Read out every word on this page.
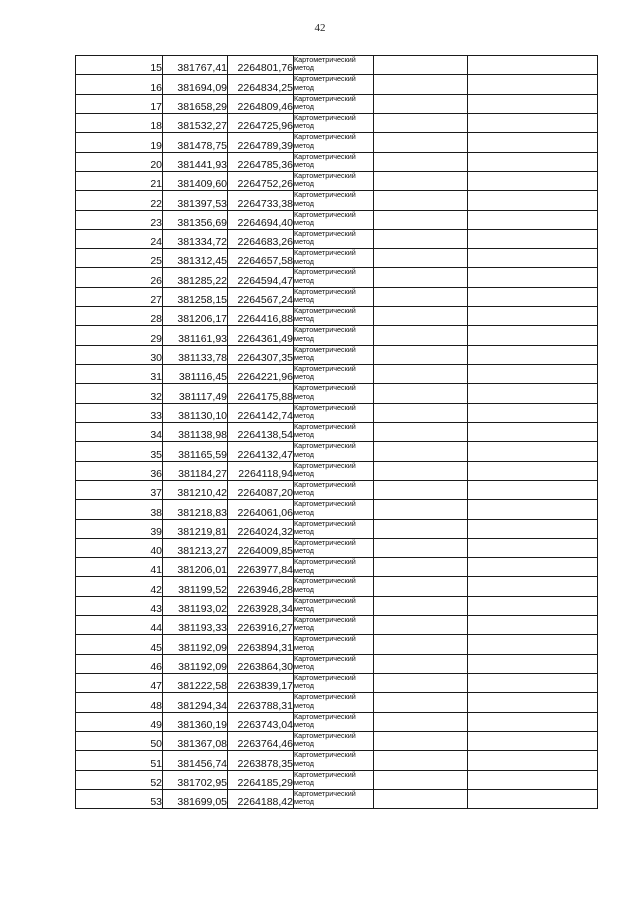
42
15	381767,41	2264801,76	Картометрический
метод		

16	381694,09	2264834,25	Картометрический
метод		

17	381658,29	2264809,46	Картометрический
метод		

18	381532,27	2264725,96	Картометрический
метод		

19	381478,75	2264789,39	Картометрический
метод		

20	381441,93	2264785,36	Картометрический
метод		

21	381409,60	2264752,26	Картометрический
метод		

22	381397,53	2264733,38	Картометрический
метод		

23	381356,69	2264694,40	Картометрический
метод		

24	381334,72	2264683,26	Картометрический
метод		

25	381312,45	2264657,58	Картометрический
метод		

26	381285,22	2264594,47	Картометрический
метод		

27	381258,15	2264567,24	Картометрический
метод		

28	381206,17	2264416,88	Картометрический
метод		

29	381161,93	2264361,49	Картометрический
метод		

30	381133,78	2264307,35	Картометрический
метод		

31	381116,45	2264221,96	Картометрический
метод		

32	381117,49	2264175,88	Картометрический
метод		

33	381130,10	2264142,74	Картометрический
метод		

34	381138,98	2264138,54	Картометрический
метод		

35	381165,59	2264132,47	Картометрический
метод		

36	381184,27	2264118,94	Картометрический
метод		

37	381210,42	2264087,20	Картометрический
метод		

38	381218,83	2264061,06	Картометрический
метод		

39	381219,81	2264024,32	Картометрический
метод		

40	381213,27	2264009,85	Картометрический
метод		

41	381206,01	2263977,84	Картометрический
метод		

42	381199,52	2263946,28	Картометрический
метод		

43	381193,02	2263928,34	Картометрический
метод		

44	381193,33	2263916,27	Картометрический
метод		

45	381192,09	2263894,31	Картометрический
метод		

46	381192,09	2263864,30	Картометрический
метод		

47	381222,58	2263839,17	Картометрический
метод		

48	381294,34	2263788,31	Картометрический
метод		

49	381360,19	2263743,04	Картометрический
метод		

50	381367,08	2263764,46	Картометрический
метод		

51	381456,74	2263878,35	Картометрический
метод		

52	381702,95	2264185,29	Картометрический
метод		

53	381699,05	2264188,42	Картометрический
метод		
